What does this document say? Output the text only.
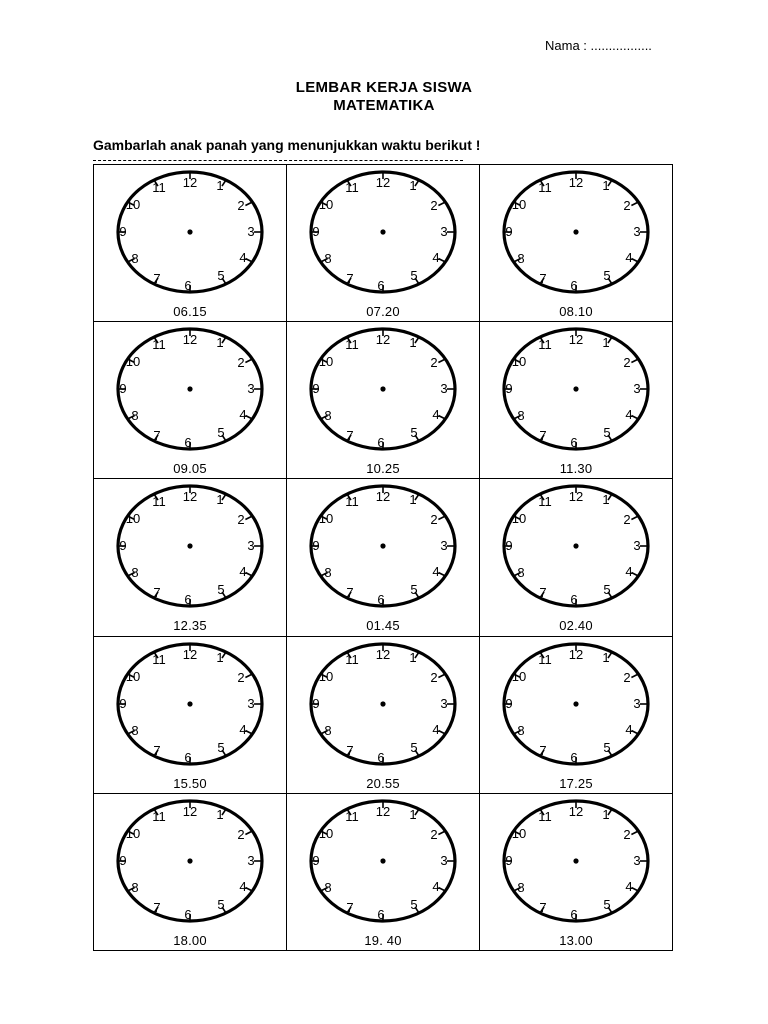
Nama : .................
LEMBAR KERJA SISWA
MATEMATIKA
Gambarlah anak panah yang menunjukkan waktu berikut !
12 1
2
3
4
5
6
7
8
9
10
11
06.15
12 1
2
3
4
5
6
7
8
9
10
11
07.20
12 1
2
3
4
5
6
7
8
9
10
11
08.10
12 1
2
3
4
5
6
7
8
9
10
11
09.05
12 1
2
3
4
5
6
7
8
9
10
11
10.25
12 1
2
3
4
5
6
7
8
9
10
11
11.30
12 1
2
3
4
5
6
7
8
9
10
11
12.35
12 1
2
3
4
5
6
7
8
9
10
11
01.45
12 1
2
3
4
5
6
7
8
9
10
11
02.40
12 1
2
3
4
5
6
7
8
9
10
11
15.50
12 1
2
3
4
5
6
7
8
9
10
11
20.55
12 1
2
3
4
5
6
7
8
9
10
11
17.25
12 1
2
3
4
5
6
7
8
9
10
11
18.00
12 1
2
3
4
5
6
7
8
9
10
11
19. 40
12 1
2
3
4
5
6
7
8
9
10
11
13.00
